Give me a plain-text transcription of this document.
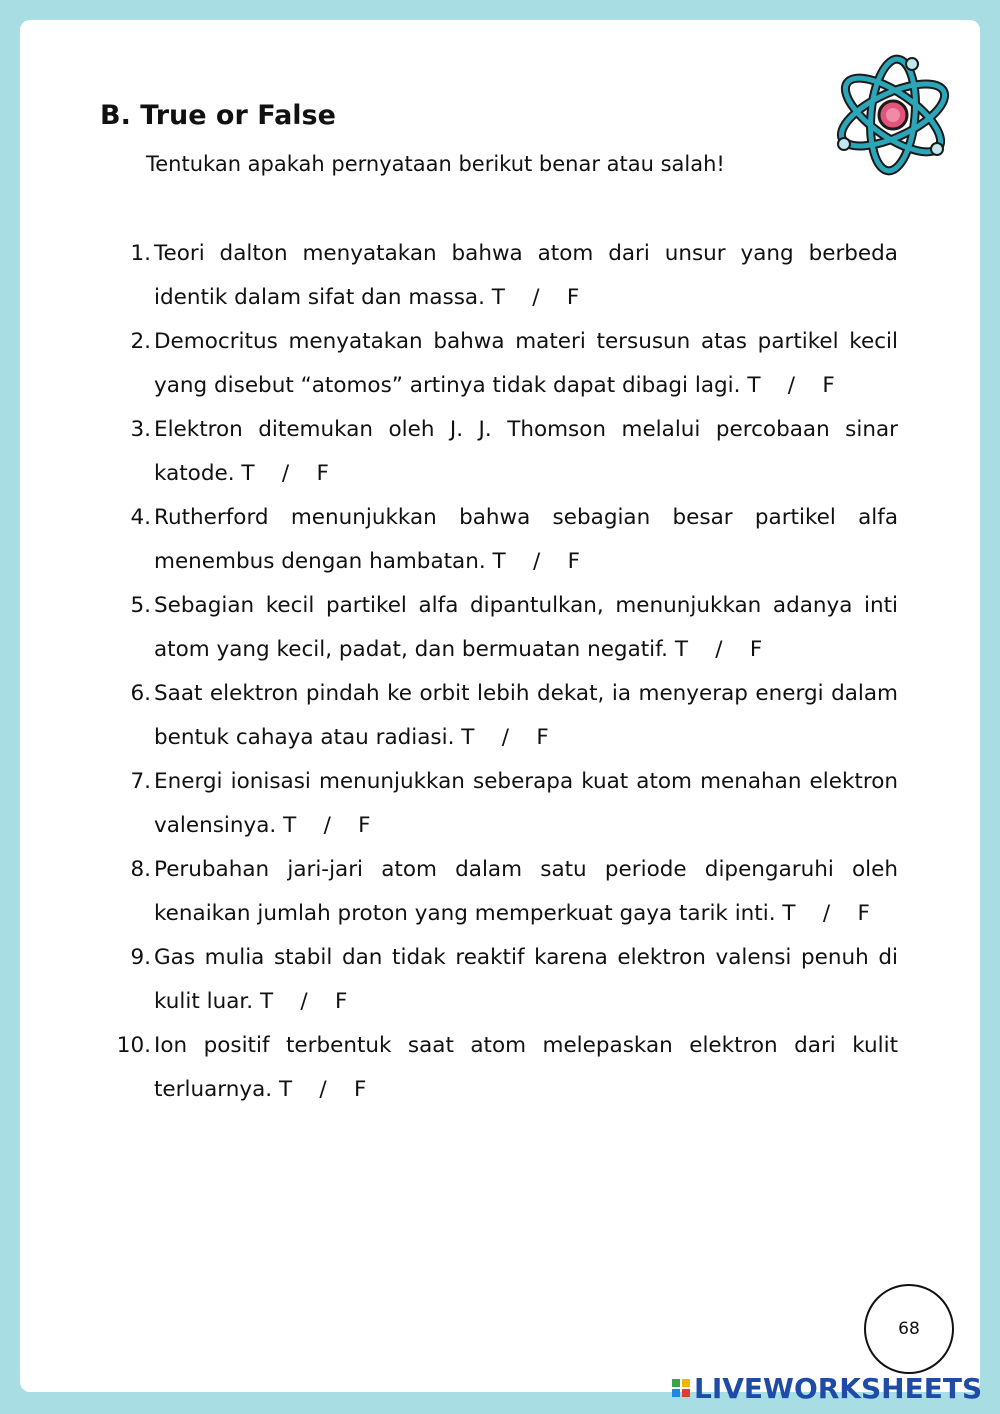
B. True or False
Tentukan apakah pernyataan berikut benar atau salah!
1. Teori dalton menyatakan bahwa atom dari unsur yang berbeda identik dalam sifat dan massa. T    /    F
2. Democritus menyatakan bahwa materi tersusun atas partikel kecil yang disebut “atomos” artinya tidak dapat dibagi lagi. T    /    F
3. Elektron ditemukan oleh J. J. Thomson melalui percobaan sinar katode. T    /    F
4. Rutherford menunjukkan bahwa sebagian besar partikel alfa menembus dengan hambatan. T    /    F
5. Sebagian kecil partikel alfa dipantulkan, menunjukkan adanya inti atom yang kecil, padat, dan bermuatan negatif. T    /    F
6. Saat elektron pindah ke orbit lebih dekat, ia menyerap energi dalam bentuk cahaya atau radiasi. T    /    F
7. Energi ionisasi menunjukkan seberapa kuat atom menahan elektron valensinya. T    /    F
8. Perubahan jari-jari atom dalam satu periode dipengaruhi oleh kenaikan jumlah proton yang memperkuat gaya tarik inti. T    /    F
9. Gas mulia stabil dan tidak reaktif karena elektron valensi penuh di kulit luar. T    /    F
10. Ion positif terbentuk saat atom melepaskan elektron dari kulit terluarnya. T    /    F
68
LIVEWORKSHEETS
